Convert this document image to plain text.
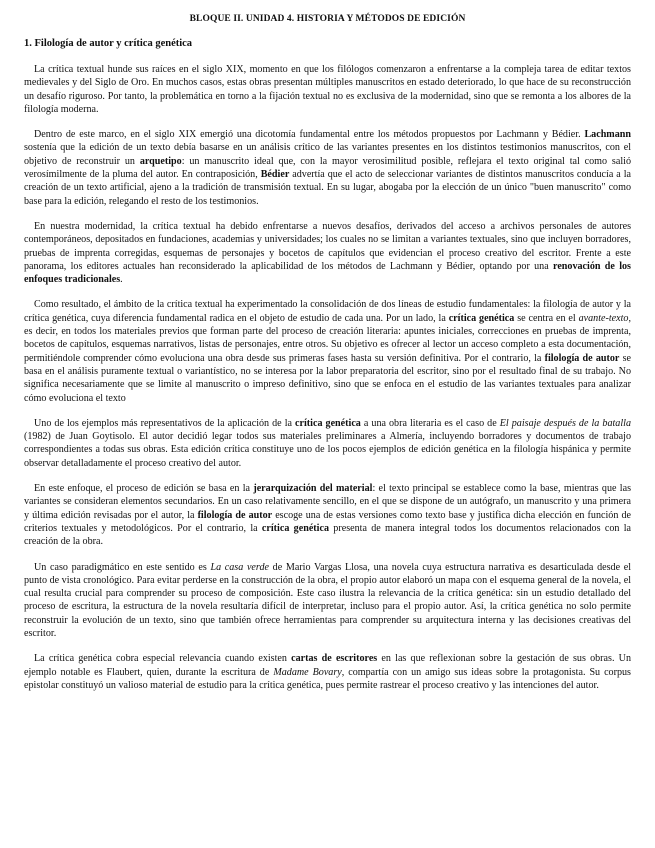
BLOQUE II. UNIDAD 4. HISTORIA Y MÉTODOS DE EDICIÓN
1. Filología de autor y crítica genética

La crítica textual hunde sus raíces en el siglo XIX, momento en que los filólogos comenzaron a enfrentarse a la compleja tarea de editar textos medievales y del Siglo de Oro. En muchos casos, estas obras presentan múltiples manuscritos en estado deteriorado, lo que hace de su reconstrucción un desafío riguroso. Por tanto, la problemática en torno a la fijación textual no es exclusiva de la modernidad, sino que se remonta a los albores de la filología moderna.

Dentro de este marco, en el siglo XIX emergió una dicotomía fundamental entre los métodos propuestos por Lachmann y Bédier. Lachmann sostenía que la edición de un texto debía basarse en un análisis crítico de las variantes presentes en los distintos testimonios manuscritos, con el objetivo de reconstruir un arquetipo: un manuscrito ideal que, con la mayor verosimilitud posible, reflejara el texto original tal como salió verosímilmente de la pluma del autor. En contraposición, Bédier advertía que el acto de seleccionar variantes de distintos manuscritos conducía a la creación de un texto artificial, ajeno a la tradición de transmisión textual. En su lugar, abogaba por la elección de un único "buen manuscrito" como base para la edición, relegando el resto de los testimonios.

En nuestra modernidad, la crítica textual ha debido enfrentarse a nuevos desafíos, derivados del acceso a archivos personales de autores contemporáneos, depositados en fundaciones, academias y universidades; los cuales no se limitan a variantes textuales, sino que incluyen borradores, pruebas de imprenta corregidas, esquemas de personajes y bocetos de capítulos que evidencian el proceso creativo del escritor. Frente a este panorama, los editores actuales han reconsiderado la aplicabilidad de los métodos de Lachmann y Bédier, optando por una renovación de los enfoques tradicionales.

Como resultado, el ámbito de la crítica textual ha experimentado la consolidación de dos líneas de estudio fundamentales: la filología de autor y la crítica genética, cuya diferencia fundamental radica en el objeto de estudio de cada una. Por un lado, la crítica genética se centra en el avante-texto, es decir, en todos los materiales previos que forman parte del proceso de creación literaria: apuntes iniciales, correcciones en pruebas de imprenta, bocetos de capítulos, esquemas narrativos, listas de personajes, entre otros. Su objetivo es ofrecer al lector un acceso completo a esta documentación, permitiéndole comprender cómo evoluciona una obra desde sus primeras fases hasta su versión definitiva. Por el contrario, la filología de autor se basa en el análisis puramente textual o variantístico, no se interesa por la labor preparatoria del escritor, sino por el resultado final de su trabajo. No significa necesariamente que se limite al manuscrito o impreso definitivo, sino que se enfoca en el estudio de las variantes textuales para analizar cómo evoluciona el texto

Uno de los ejemplos más representativos de la aplicación de la crítica genética a una obra literaria es el caso de El paisaje después de la batalla (1982) de Juan Goytisolo. El autor decidió legar todos sus materiales preliminares a Almería, incluyendo borradores y documentos de trabajo correspondientes a todas sus obras. Esta edición crítica constituye uno de los pocos ejemplos de edición genética en la filología hispánica y permite observar detalladamente el proceso creativo del autor.

En este enfoque, el proceso de edición se basa en la jerarquización del material: el texto principal se establece como la base, mientras que las variantes se consideran elementos secundarios. En un caso relativamente sencillo, en el que se dispone de un autógrafo, un manuscrito y una primera y última edición revisadas por el autor, la filología de autor escoge una de estas versiones como texto base y justifica dicha elección en función de criterios textuales y metodológicos. Por el contrario, la crítica genética presenta de manera integral todos los documentos relacionados con la creación de la obra.

Un caso paradigmático en este sentido es La casa verde de Mario Vargas Llosa, una novela cuya estructura narrativa es desarticulada desde el punto de vista cronológico. Para evitar perderse en la construcción de la obra, el propio autor elaboró un mapa con el esquema general de la novela, el cual resulta crucial para comprender su proceso de composición. Este caso ilustra la relevancia de la crítica genética: sin un estudio detallado del proceso de escritura, la estructura de la novela resultaría difícil de interpretar, incluso para el propio autor. Así, la crítica genética no solo permite reconstruir la evolución de un texto, sino que también ofrece herramientas para comprender su arquitectura interna y las decisiones creativas del escritor.

La crítica genética cobra especial relevancia cuando existen cartas de escritores en las que reflexionan sobre la gestación de sus obras. Un ejemplo notable es Flaubert, quien, durante la escritura de Madame Bovary, compartía con un amigo sus ideas sobre la protagonista. Su corpus epistolar constituyó un valioso material de estudio para la crítica genética, pues permite rastrear el proceso creativo y las intenciones del autor.
